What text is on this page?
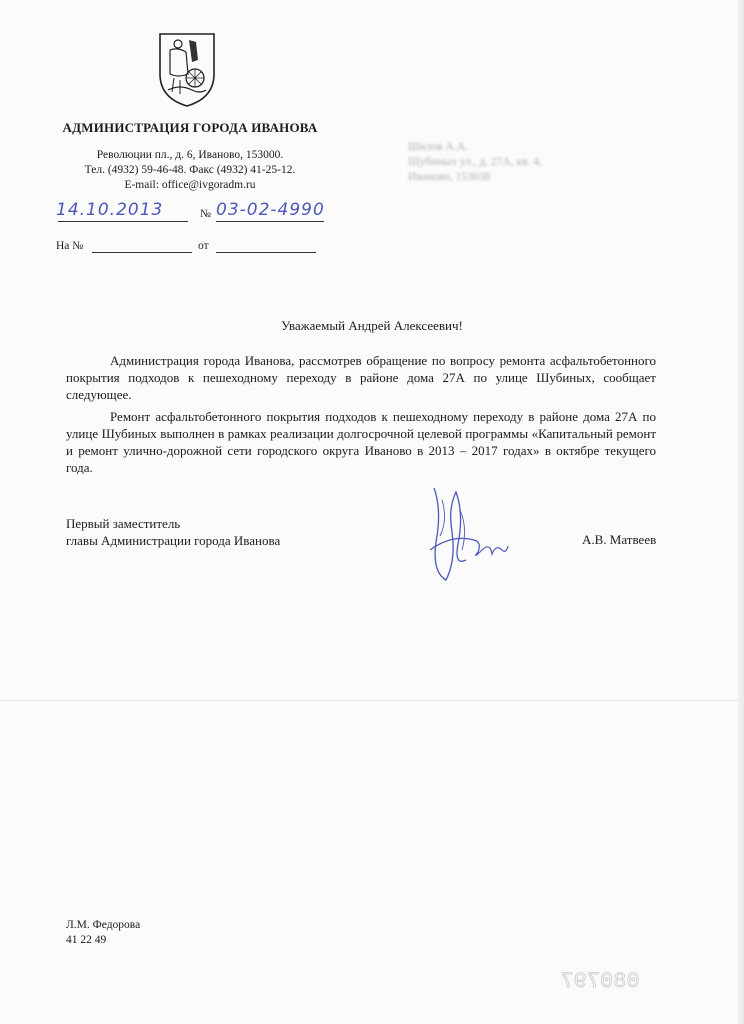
АДМИНИСТРАЦИЯ ГОРОДА ИВАНОВА
Революции пл., д. 6, Иваново, 153000.
Тел. (4932) 59-46-48. Факс (4932) 41-25-12.
E-mail: office@ivgoradm.ru
Шилов А.А.
Шубиных ул., д. 27А, кв. 4,
Иваново, 153038
14.10.2013	№ 03-02-4990
На №	от
Уважаемый Андрей Алексеевич!

Администрация города Иванова, рассмотрев обращение по вопросу ремонта асфальтобетонного покрытия подходов к пешеходному переходу в районе дома 27А по улице Шубиных, сообщает следующее.

Ремонт асфальтобетонного покрытия подходов к пешеходному переходу в районе дома 27А по улице Шубиных выполнен в рамках реализации долгосрочной целевой программы «Капитальный ремонт и ремонт улично-дорожной сети городского округа Иваново в 2013 – 2017 годах» в октябре текущего года.

Первый заместитель
главы Администрации города Иванова	А.В. Матвеев
Л.М. Федорова
41 22 49
080797
